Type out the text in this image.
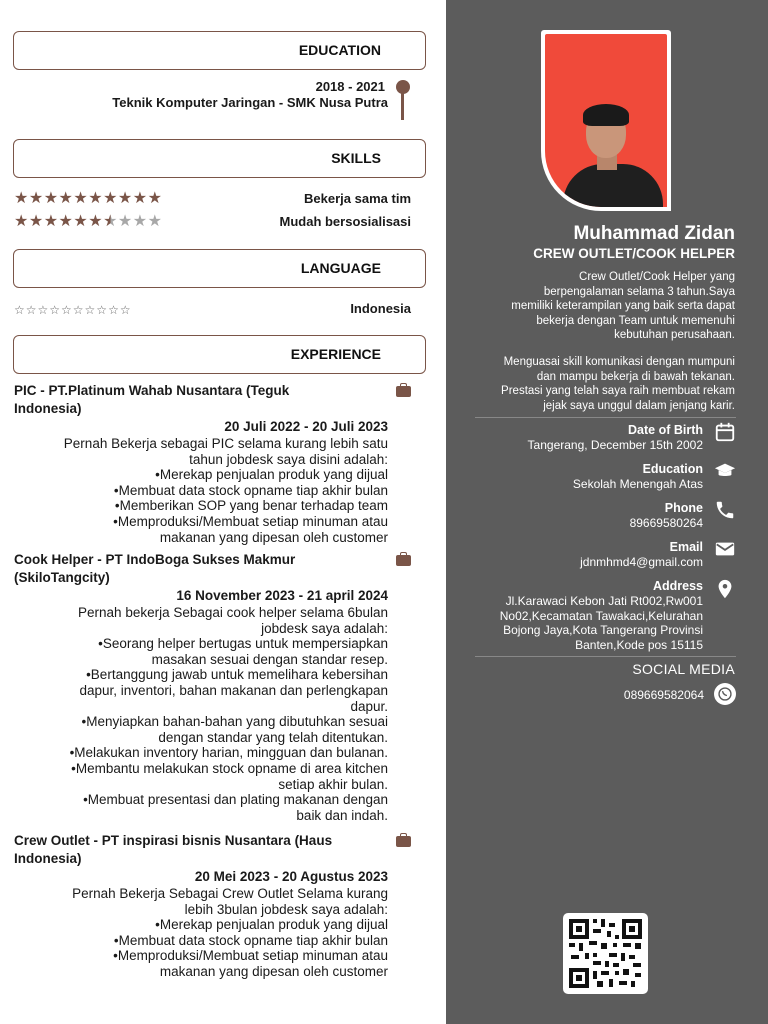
EDUCATION
2018 - 2021
Teknik Komputer Jaringan - SMK Nusa Putra
SKILLS
★★★★★★★★★★	Bekerja sama tim
★★★★★★★★★★	Mudah bersosialisasi
LANGUAGE
☆☆☆☆☆☆☆☆☆☆	Indonesia
EXPERIENCE
PIC - PT.Platinum Wahab Nusantara (Teguk Indonesia)
20 Juli 2022 - 20 Juli 2023
Pernah Bekerja sebagai PIC selama kurang lebih satu
tahun jobdesk saya disini adalah:
•Merekap penjualan produk yang dijual
•Membuat data stock opname tiap akhir bulan
•Memberikan SOP yang benar terhadap team
•Memproduksi/Membuat setiap minuman atau
makanan yang dipesan oleh customer
Cook Helper - PT IndoBoga Sukses Makmur (SkiloTangcity)
16 November 2023 - 21 april 2024
Pernah bekerja Sebagai cook helper selama 6bulan
jobdesk saya adalah:
•Seorang helper bertugas untuk mempersiapkan
masakan sesuai dengan standar resep.
•Bertanggung jawab untuk memelihara kebersihan
dapur, inventori, bahan makanan dan perlengkapan
dapur.
•Menyiapkan bahan-bahan yang dibutuhkan sesuai
dengan standar yang telah ditentukan.
•Melakukan inventory harian, mingguan dan bulanan.
•Membantu melakukan stock opname di area kitchen
setiap akhir bulan.
•Membuat presentasi dan plating makanan dengan
baik dan indah.
Crew Outlet - PT inspirasi bisnis Nusantara (Haus Indonesia)
20 Mei 2023 - 20 Agustus 2023
Pernah Bekerja Sebagai Crew Outlet Selama kurang
lebih 3bulan jobdesk saya adalah:
•Merekap penjualan produk yang dijual
•Membuat data stock opname tiap akhir bulan
•Memproduksi/Membuat setiap minuman atau
makanan yang dipesan oleh customer
Muhammad Zidan
CREW OUTLET/COOK HELPER
Crew Outlet/Cook Helper yang
berpengalaman selama 3 tahun.Saya
memiliki keterampilan yang baik serta dapat
bekerja dengan Team untuk memenuhi
kebutuhan perusahaan.
Menguasai skill komunikasi dengan mumpuni
dan mampu bekerja di bawah tekanan.
Prestasi yang telah saya raih membuat rekam
jejak saya unggul dalam jenjang karir.
Date of Birth
Tangerang, December 15th 2002
Education
Sekolah Menengah Atas
Phone
89669580264
Email
jdnmhmd4@gmail.com
Address
Jl.Karawaci Kebon Jati Rt002,Rw001
No02,Kecamatan Tawakaci,Kelurahan
Bojong Jaya,Kota Tangerang Provinsi
Banten,Kode pos 15115
SOCIAL MEDIA
089669582064
